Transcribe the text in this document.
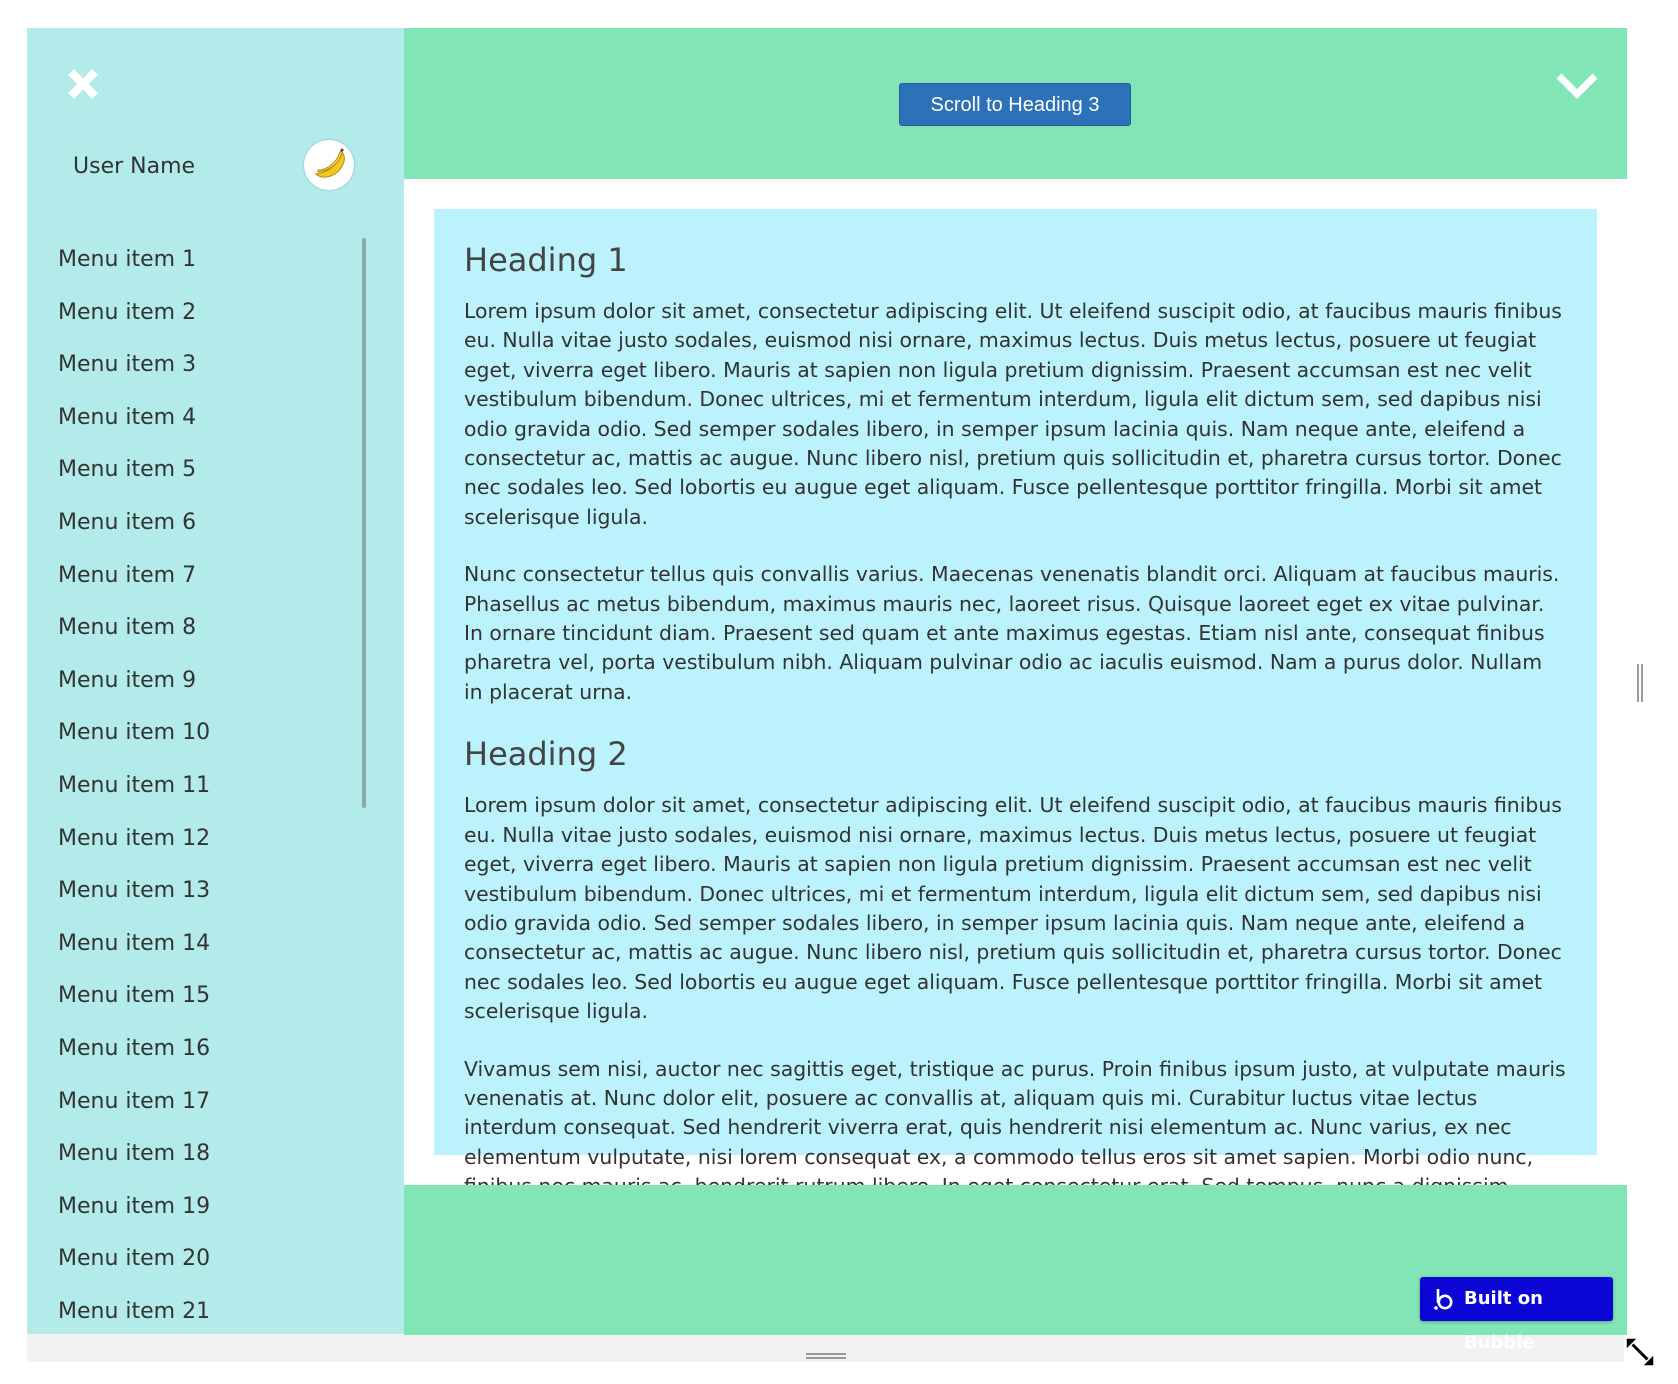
User Name
Menu item 1
Menu item 2
Menu item 3
Menu item 4
Menu item 5
Menu item 6
Menu item 7
Menu item 8
Menu item 9
Menu item 10
Menu item 11
Menu item 12
Menu item 13
Menu item 14
Menu item 15
Menu item 16
Menu item 17
Menu item 18
Menu item 19
Menu item 20
Menu item 21
Scroll to Heading 3
Heading 1

Lorem ipsum dolor sit amet, consectetur adipiscing elit. Ut eleifend suscipit odio, at faucibus mauris finibus eu. Nulla vitae justo sodales, euismod nisi ornare, maximus lectus. Duis metus lectus, posuere ut feugiat eget, viverra eget libero. Mauris at sapien non ligula pretium dignissim. Praesent accumsan est nec velit vestibulum bibendum. Donec ultrices, mi et fermentum interdum, ligula elit dictum sem, sed dapibus nisi odio gravida odio. Sed semper sodales libero, in semper ipsum lacinia quis. Nam neque ante, eleifend a consectetur ac, mattis ac augue. Nunc libero nisl, pretium quis sollicitudin et, pharetra cursus tortor. Donec nec sodales leo. Sed lobortis eu augue eget aliquam. Fusce pellentesque porttitor fringilla. Morbi sit amet scelerisque ligula.

Nunc consectetur tellus quis convallis varius. Maecenas venenatis blandit orci. Aliquam at faucibus mauris. Phasellus ac metus bibendum, maximus mauris nec, laoreet risus. Quisque laoreet eget ex vitae pulvinar. In ornare tincidunt diam. Praesent sed quam et ante maximus egestas. Etiam nisl ante, consequat finibus pharetra vel, porta vestibulum nibh. Aliquam pulvinar odio ac iaculis euismod. Nam a purus dolor. Nullam in placerat urna.

Heading 2

Lorem ipsum dolor sit amet, consectetur adipiscing elit. Ut eleifend suscipit odio, at faucibus mauris finibus eu. Nulla vitae justo sodales, euismod nisi ornare, maximus lectus. Duis metus lectus, posuere ut feugiat eget, viverra eget libero. Mauris at sapien non ligula pretium dignissim. Praesent accumsan est nec velit vestibulum bibendum. Donec ultrices, mi et fermentum interdum, ligula elit dictum sem, sed dapibus nisi odio gravida odio. Sed semper sodales libero, in semper ipsum lacinia quis. Nam neque ante, eleifend a consectetur ac, mattis ac augue. Nunc libero nisl, pretium quis sollicitudin et, pharetra cursus tortor. Donec nec sodales leo. Sed lobortis eu augue eget aliquam. Fusce pellentesque porttitor fringilla. Morbi sit amet scelerisque ligula.

Vivamus sem nisi, auctor nec sagittis eget, tristique ac purus. Proin finibus ipsum justo, at vulputate mauris venenatis at. Nunc dolor elit, posuere ac convallis at, aliquam quis mi. Curabitur luctus vitae lectus interdum consequat. Sed hendrerit viverra erat, quis hendrerit nisi elementum ac. Nunc varius, ex nec elementum vulputate, nisi lorem consequat ex, a commodo tellus eros sit amet sapien. Morbi odio nunc,

Built on Bubble
